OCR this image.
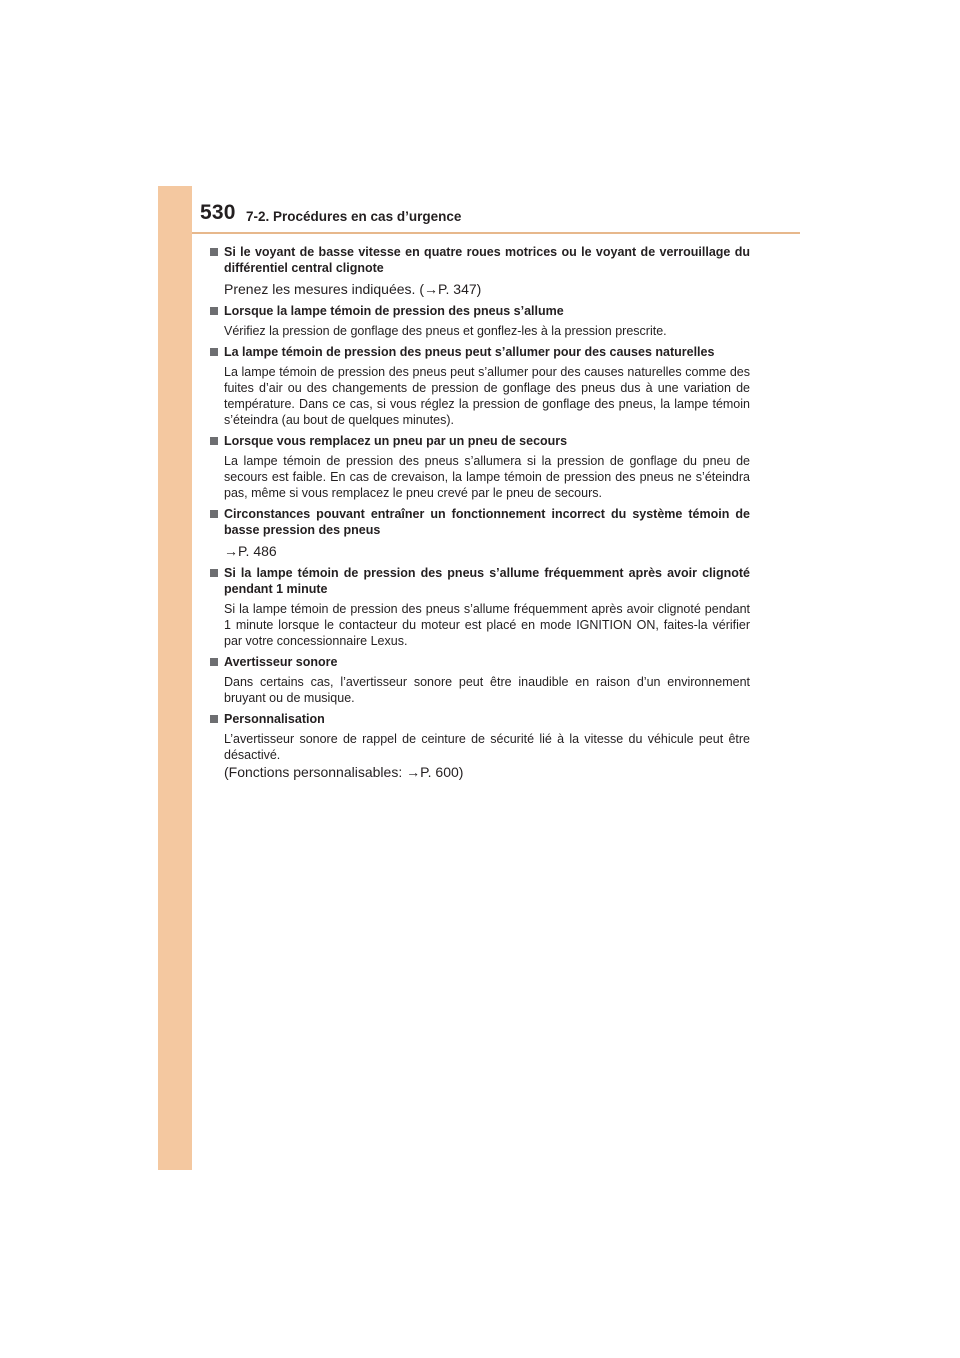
530 7-2. Procédures en cas d’urgence
Si le voyant de basse vitesse en quatre roues motrices ou le voyant de verrouillage du différentiel central clignote

Prenez les mesures indiquées. (→P. 347)

Lorsque la lampe témoin de pression des pneus s’allume

Vérifiez la pression de gonflage des pneus et gonflez-les à la pression prescrite.

La lampe témoin de pression des pneus peut s’allumer pour des causes naturelles

La lampe témoin de pression des pneus peut s’allumer pour des causes naturelles comme des fuites d’air ou des changements de pression de gonflage des pneus dus à une variation de température. Dans ce cas, si vous réglez la pression de gonflage des pneus, la lampe témoin s’éteindra (au bout de quelques minutes).

Lorsque vous remplacez un pneu par un pneu de secours

La lampe témoin de pression des pneus s’allumera si la pression de gonflage du pneu de secours est faible. En cas de crevaison, la lampe témoin de pression des pneus ne s’éteindra pas, même si vous remplacez le pneu crevé par le pneu de secours.

Circonstances pouvant entraîner un fonctionnement incorrect du système témoin de basse pression des pneus

→P. 486

Si la lampe témoin de pression des pneus s’allume fréquemment après avoir clignoté pendant 1 minute

Si la lampe témoin de pression des pneus s’allume fréquemment après avoir clignoté pendant 1 minute lorsque le contacteur du moteur est placé en mode IGNITION ON, faites-la vérifier par votre concessionnaire Lexus.

Avertisseur sonore

Dans certains cas, l’avertisseur sonore peut être inaudible en raison d’un environnement bruyant ou de musique.

Personnalisation

L’avertisseur sonore de rappel de ceinture de sécurité lié à la vitesse du véhicule peut être désactivé.

(Fonctions personnalisables: →P. 600)
